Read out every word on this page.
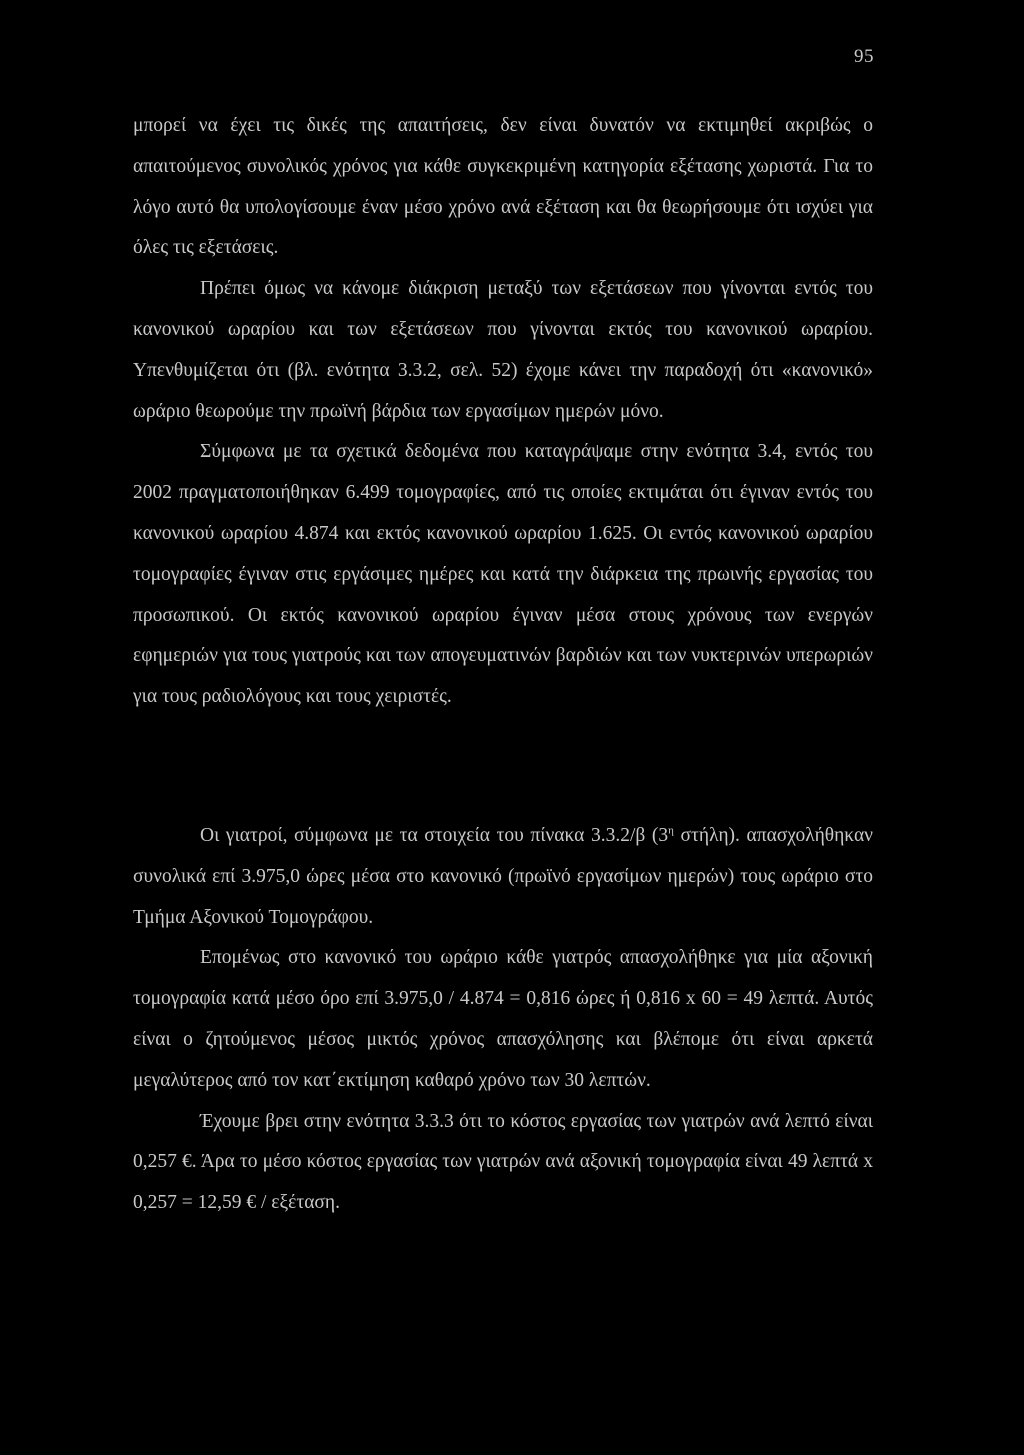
95

μπορεί να έχει τις δικές της απαιτήσεις, δεν είναι δυνατόν να εκτιμηθεί ακριβώς ο απαιτούμενος συνολικός χρόνος για κάθε συγκεκριμένη κατηγορία εξέτασης χωριστά. Για το λόγο αυτό θα υπολογίσουμε έναν μέσο χρόνο ανά εξέταση και θα θεωρήσουμε ότι ισχύει για όλες τις εξετάσεις.

Πρέπει όμως να κάνομε διάκριση μεταξύ των εξετάσεων που γίνονται εντός του κανονικού ωραρίου και των εξετάσεων που γίνονται εκτός του κανονικού ωραρίου. Υπενθυμίζεται ότι (βλ. ενότητα 3.3.2, σελ. 52) έχομε κάνει την παραδοχή ότι «κανονικό» ωράριο θεωρούμε την πρωϊνή βάρδια των εργασίμων ημερών μόνο.

Σύμφωνα με τα σχετικά δεδομένα που καταγράψαμε στην ενότητα 3.4, εντός του 2002 πραγματοποιήθηκαν 6.499 τομογραφίες, από τις οποίες εκτιμάται ότι έγιναν εντός του κανονικού ωραρίου 4.874 και εκτός κανονικού ωραρίου 1.625. Οι εντός κανονικού ωραρίου τομογραφίες έγιναν στις εργάσιμες ημέρες και κατά την διάρκεια της πρωινής εργασίας του προσωπικού. Οι εκτός κανονικού ωραρίου έγιναν μέσα στους χρόνους των ενεργών εφημεριών για τους γιατρούς και των απογευματινών βαρδιών και των νυκτερινών υπερωριών για τους ραδιολόγους και τους χειριστές.

Οι γιατροί, σύμφωνα με τα στοιχεία του πίνακα 3.3.2/β ($3^\eta$ στήλη). απασχολήθηκαν συνολικά επί 3.975,0 ώρες μέσα στο κανονικό (πρωϊνό εργασίμων ημερών) τους ωράριο στο Τμήμα Αξονικού Τομογράφου.

Επομένως στο κανονικό του ωράριο κάθε γιατρός απασχολήθηκε για μία αξονική τομογραφία κατά μέσο όρο επί 3.975,0 / 4.874 = 0,816 ώρες ή 0,816 x 60 = 49 λεπτά. Αυτός είναι ο ζητούμενος μέσος μικτός χρόνος απασχόλησης και βλέπομε ότι είναι αρκετά μεγαλύτερος από τον κατ΄εκτίμηση καθαρό χρόνο των 30 λεπτών.

Έχουμε βρει στην ενότητα 3.3.3 ότι το κόστος εργασίας των γιατρών ανά λεπτό είναι 0,257 €. Άρα το μέσο κόστος εργασίας των γιατρών ανά αξονική τομογραφία είναι 49 λεπτά x 0,257 = 12,59 € / εξέταση.
